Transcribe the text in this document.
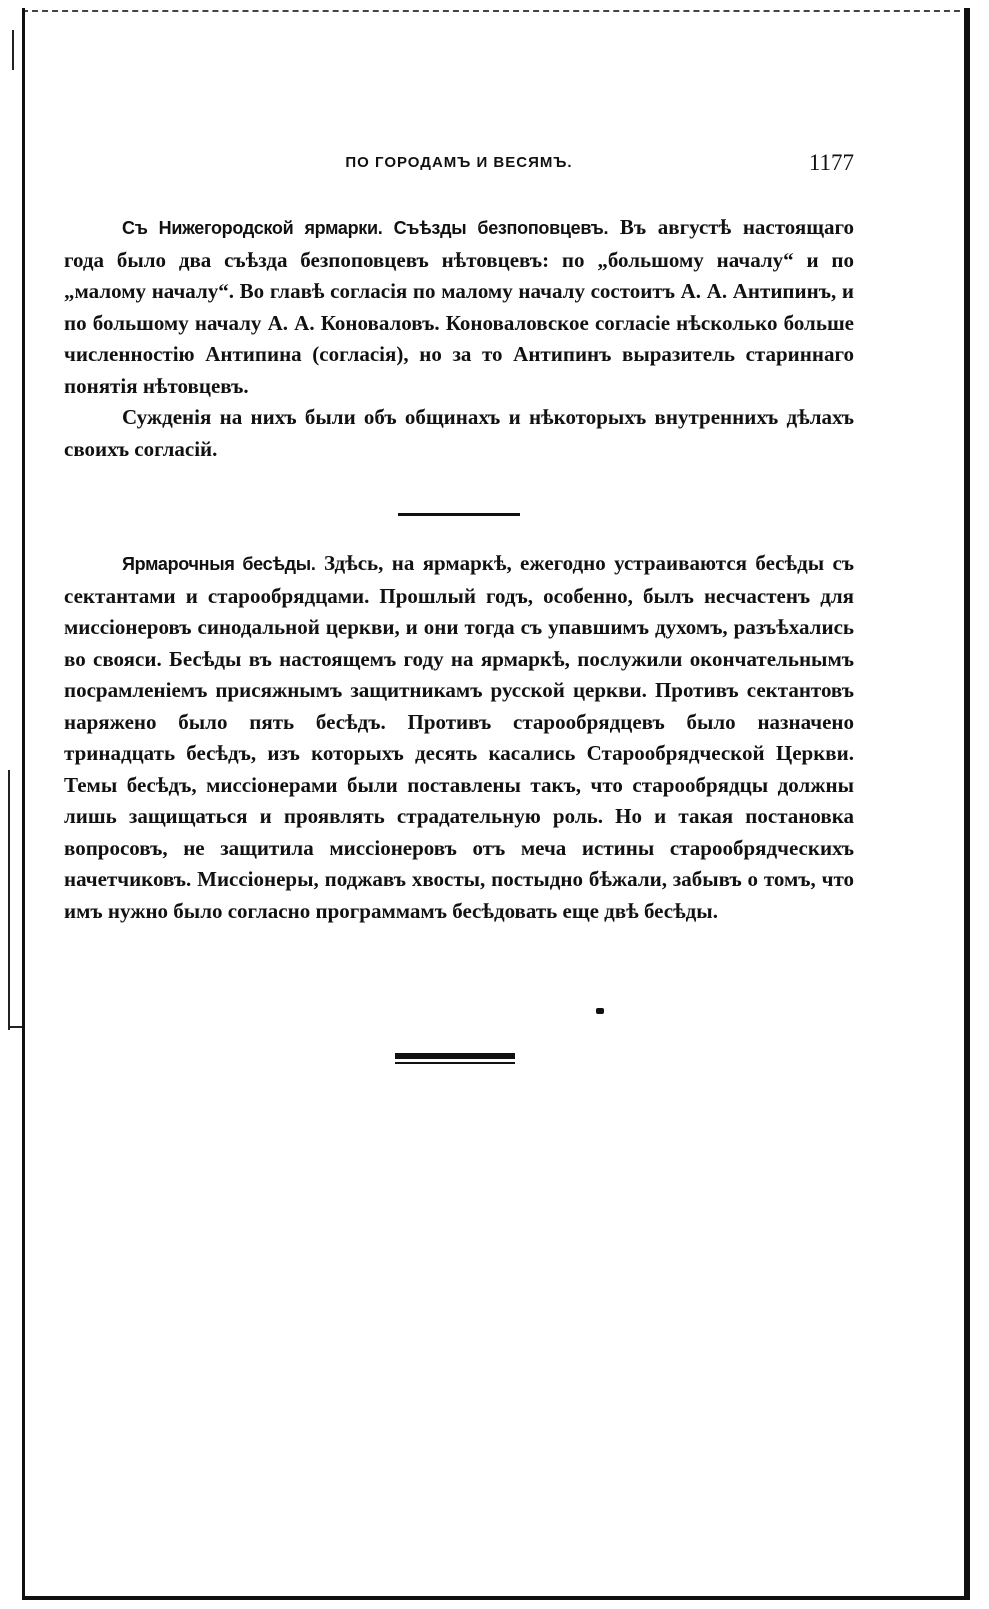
ПО ГОРОДАМЪ И ВЕСЯМЪ.	1177

Съ Нижегородской ярмарки. Съѣзды безпоповцевъ. Въ августѣ настоящаго года было два съѣзда безпоповцевъ нѣтовцевъ: по „большому началу“ и по „малому началу“. Во главѣ согласія по малому началу состоитъ А. А. Антипинъ, и по большому началу А. А. Коноваловъ. Коноваловское согласіе нѣсколько больше численностію Антипина (согласія), но за то Антипинъ выразитель стариннаго понятія нѣтовцевъ.

Сужденія на нихъ были объ общинахъ и нѣкоторыхъ внутреннихъ дѣлахъ своихъ согласій.

Ярмарочныя бесѣды. Здѣсь, на ярмаркѣ, ежегодно устраиваются бесѣды съ сектантами и старообрядцами. Прошлый годъ, особенно, былъ несчастенъ для миссіонеровъ синодальной церкви, и они тогда съ упавшимъ духомъ, разъѣхались во свояси. Бесѣды въ настоящемъ году на ярмаркѣ, послужили окончательнымъ посрамленіемъ присяжнымъ защитникамъ русской церкви. Противъ сектантовъ наряжено было пять бесѣдъ. Противъ старообрядцевъ было назначено тринадцать бесѣдъ, изъ которыхъ десять касались Старообрядческой Церкви. Темы бесѣдъ, миссіонерами были поставлены такъ, что старообрядцы должны лишь защищаться и проявлять страдательную роль. Но и такая постановка вопросовъ, не защитила миссіонеровъ отъ меча истины старообрядческихъ начетчиковъ. Миссіонеры, поджавъ хвосты, постыдно бѣжали, забывъ о томъ, что имъ нужно было согласно программамъ бесѣдовать еще двѣ бесѣды.
